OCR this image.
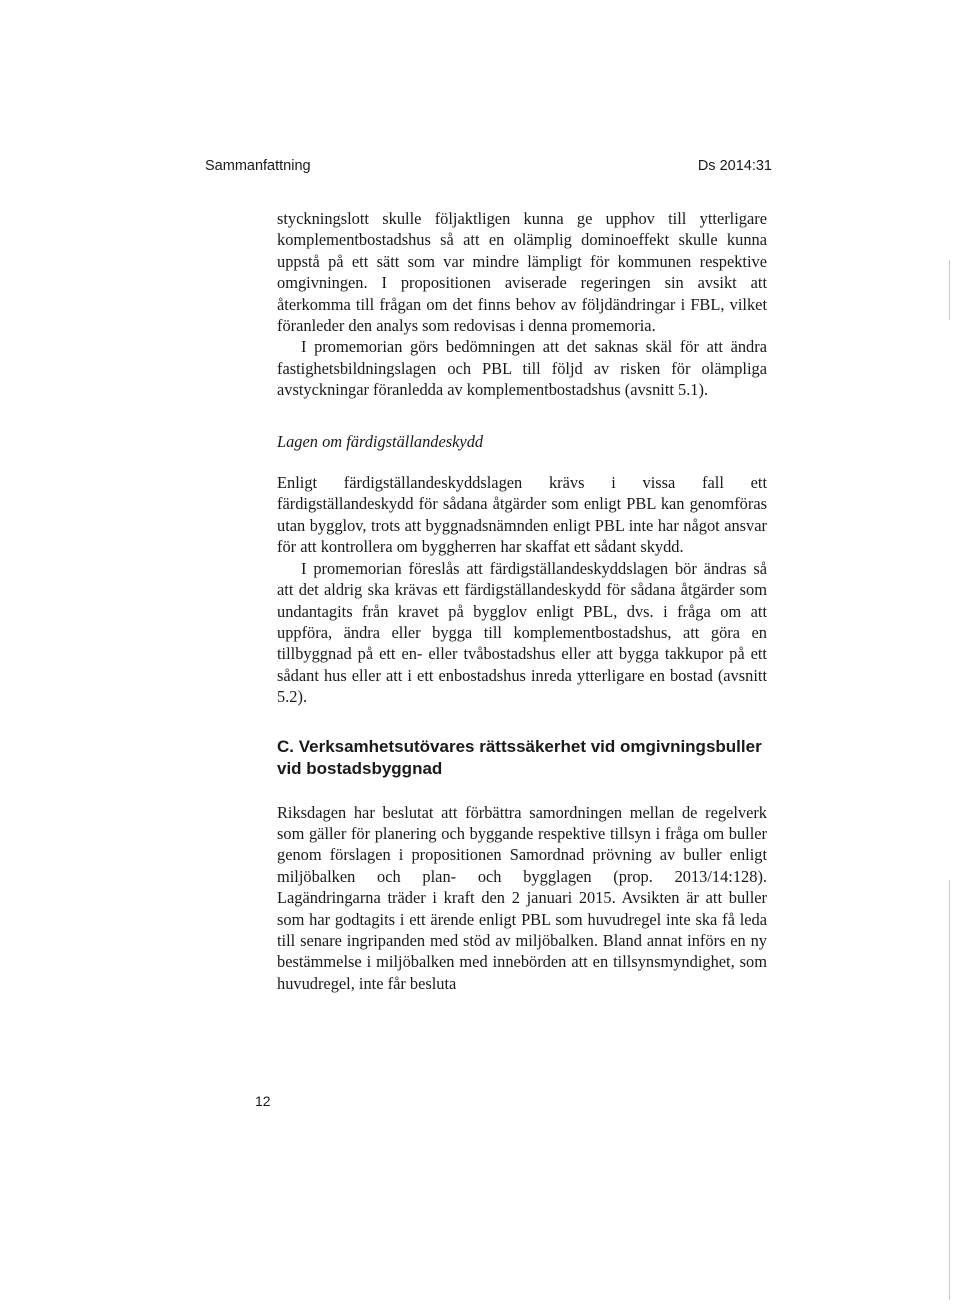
Sammanfattning	Ds 2014:31

styckningslott skulle följaktligen kunna ge upphov till ytterligare komplementbostadshus så att en olämplig dominoeffekt skulle kunna uppstå på ett sätt som var mindre lämpligt för kommunen respektive omgivningen. I propositionen aviserade regeringen sin avsikt att återkomma till frågan om det finns behov av följdändringar i FBL, vilket föranleder den analys som redovisas i denna promemoria.

I promemorian görs bedömningen att det saknas skäl för att ändra fastighetsbildningslagen och PBL till följd av risken för olämpliga avstyckningar föranledda av komplementbostadshus (avsnitt 5.1).

Lagen om färdigställandeskydd

Enligt färdigställandeskyddslagen krävs i vissa fall ett färdigställandeskydd för sådana åtgärder som enligt PBL kan genomföras utan bygglov, trots att byggnadsnämnden enligt PBL inte har något ansvar för att kontrollera om byggherren har skaffat ett sådant skydd.

I promemorian föreslås att färdigställandeskyddslagen bör ändras så att det aldrig ska krävas ett färdigställandeskydd för sådana åtgärder som undantagits från kravet på bygglov enligt PBL, dvs. i fråga om att uppföra, ändra eller bygga till komplementbostadshus, att göra en tillbyggnad på ett en- eller tvåbostadshus eller att bygga takkupor på ett sådant hus eller att i ett enbostadshus inreda ytterligare en bostad (avsnitt 5.2).

C. Verksamhetsutövares rättssäkerhet vid omgivningsbuller vid bostadsbyggnad

Riksdagen har beslutat att förbättra samordningen mellan de regelverk som gäller för planering och byggande respektive tillsyn i fråga om buller genom förslagen i propositionen Samordnad prövning av buller enligt miljöbalken och plan- och bygglagen (prop. 2013/14:128). Lagändringarna träder i kraft den 2 januari 2015. Avsikten är att buller som har godtagits i ett ärende enligt PBL som huvudregel inte ska få leda till senare ingripanden med stöd av miljöbalken. Bland annat införs en ny bestämmelse i miljöbalken med innebörden att en tillsynsmyndighet, som huvudregel, inte får besluta

12
